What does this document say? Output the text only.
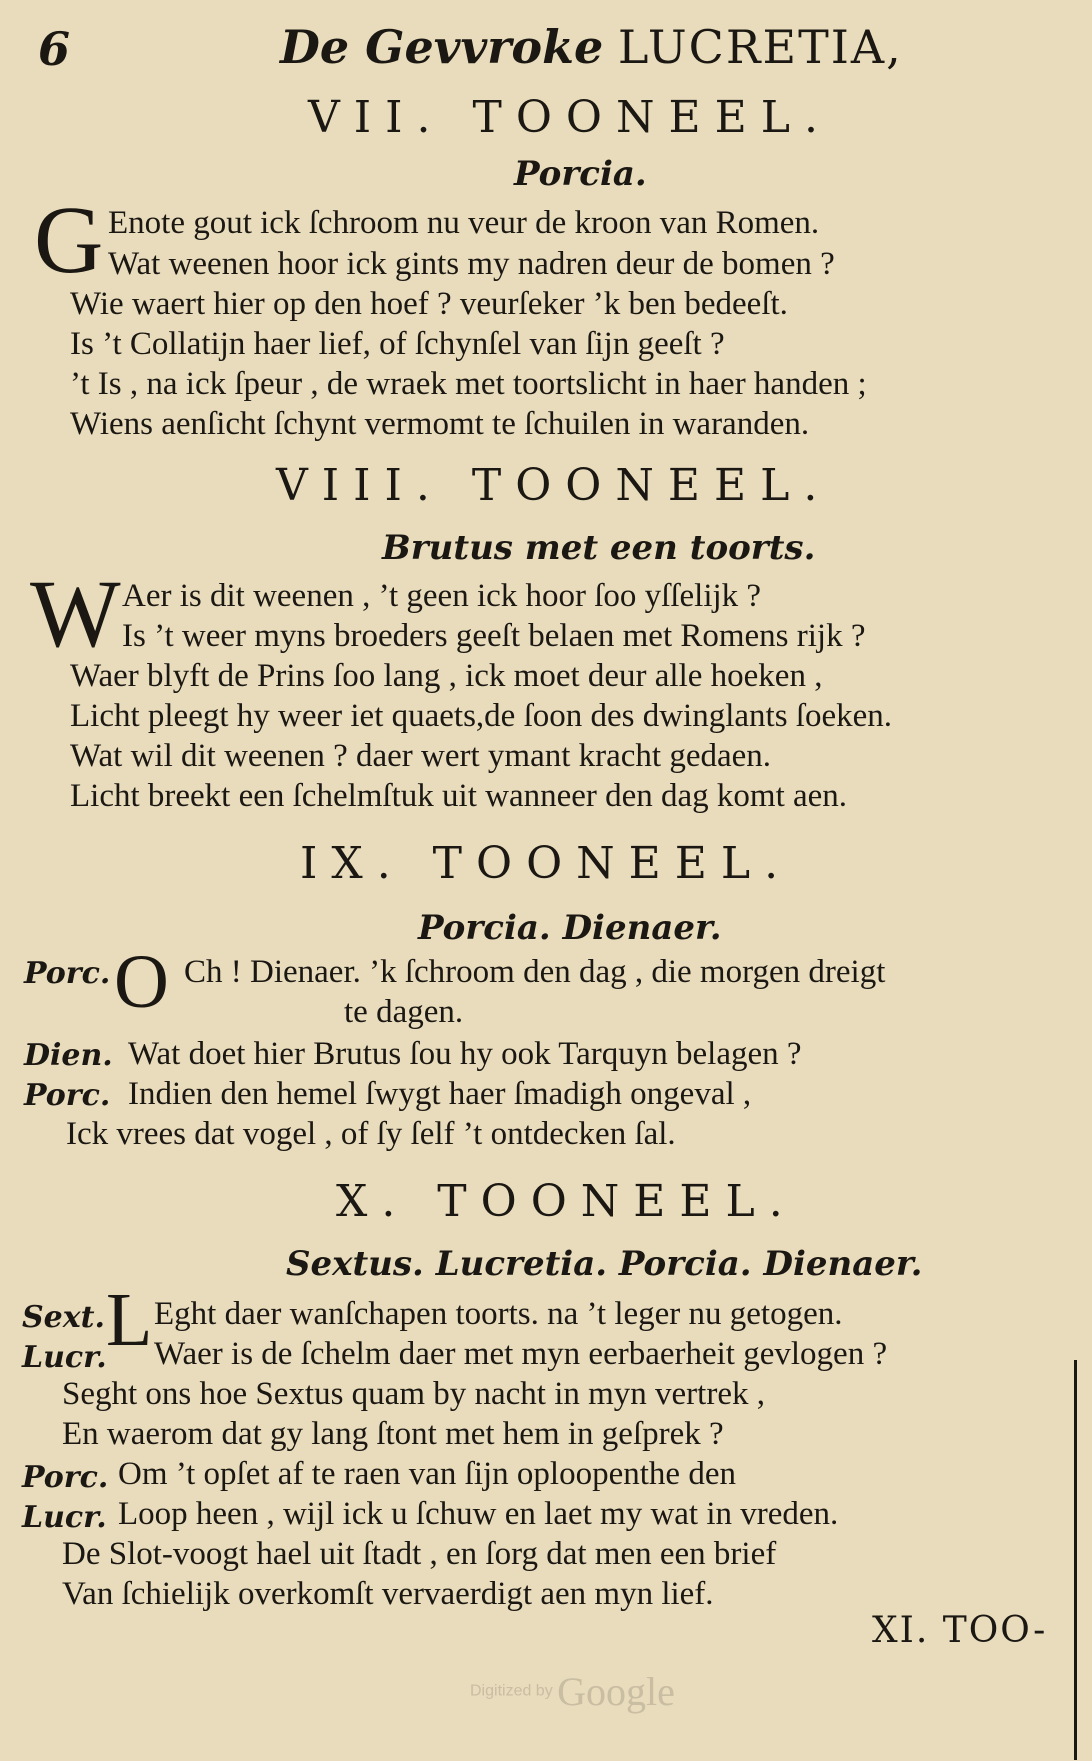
6	De Gevvroke LUCRETIA,
VII. TOONEEL.
Porcia.
G Enote gout ick ſchroom nu veur de kroon van Romen.
Wat weenen hoor ick gints my nadren deur de bomen ?
Wie waert hier op den hoef ? veurſeker ’k ben bedeeſt.
Is ’t Collatijn haer lief, of ſchynſel van ſijn geeſt ?
’t Is , na ick ſpeur , de wraek met toortslicht in haer handen ;
Wiens aenſicht ſchynt vermomt te ſchuilen in waranden.
VIII. TOONEEL.
Brutus met een toorts.
W Aer is dit weenen , ’t geen ick hoor ſoo yſſelijk ?
Is ’t weer myns broeders geeſt belaen met Romens rijk ?
Waer blyft de Prins ſoo lang , ick moet deur alle hoeken ,
Licht pleegt hy weer iet quaets,de ſoon des dwinglants ſoeken.
Wat wil dit weenen ? daer wert ymant kracht gedaen.
Licht breekt een ſchelmſtuk uit wanneer den dag komt aen.
IX. TOONEEL.
Porcia. Dienaer.
O
Porc. Ch ! Dienaer. ’k ſchroom den dag , die morgen dreigt
te dagen.
Dien. Wat doet hier Brutus ſou hy ook Tarquyn belagen ?
Porc. Indien den hemel ſwygt haer ſmadigh ongeval ,
Ick vrees dat vogel , of ſy ſelf ’t ontdecken ſal.
X. TOONEEL.
Sextus. Lucretia. Porcia. Dienaer.
L
Sext. Eght daer wanſchapen toorts. na ’t leger nu getogen.
Lucr. Waer is de ſchelm daer met myn eerbaerheit gevlogen ?
Seght ons hoe Sextus quam by nacht in myn vertrek ,
En waerom dat gy lang ſtont met hem in geſprek ?
Porc. Om ’t opſet af te raen van ſijn oploopenthe den
Lucr. Loop heen , wijl ick u ſchuw en laet my wat in vreden.
De Slot-voogt hael uit ſtadt , en ſorg dat men een brief
Van ſchielijk overkomſt vervaerdigt aen myn lief.
XI. TOO-
Digitized by Google
